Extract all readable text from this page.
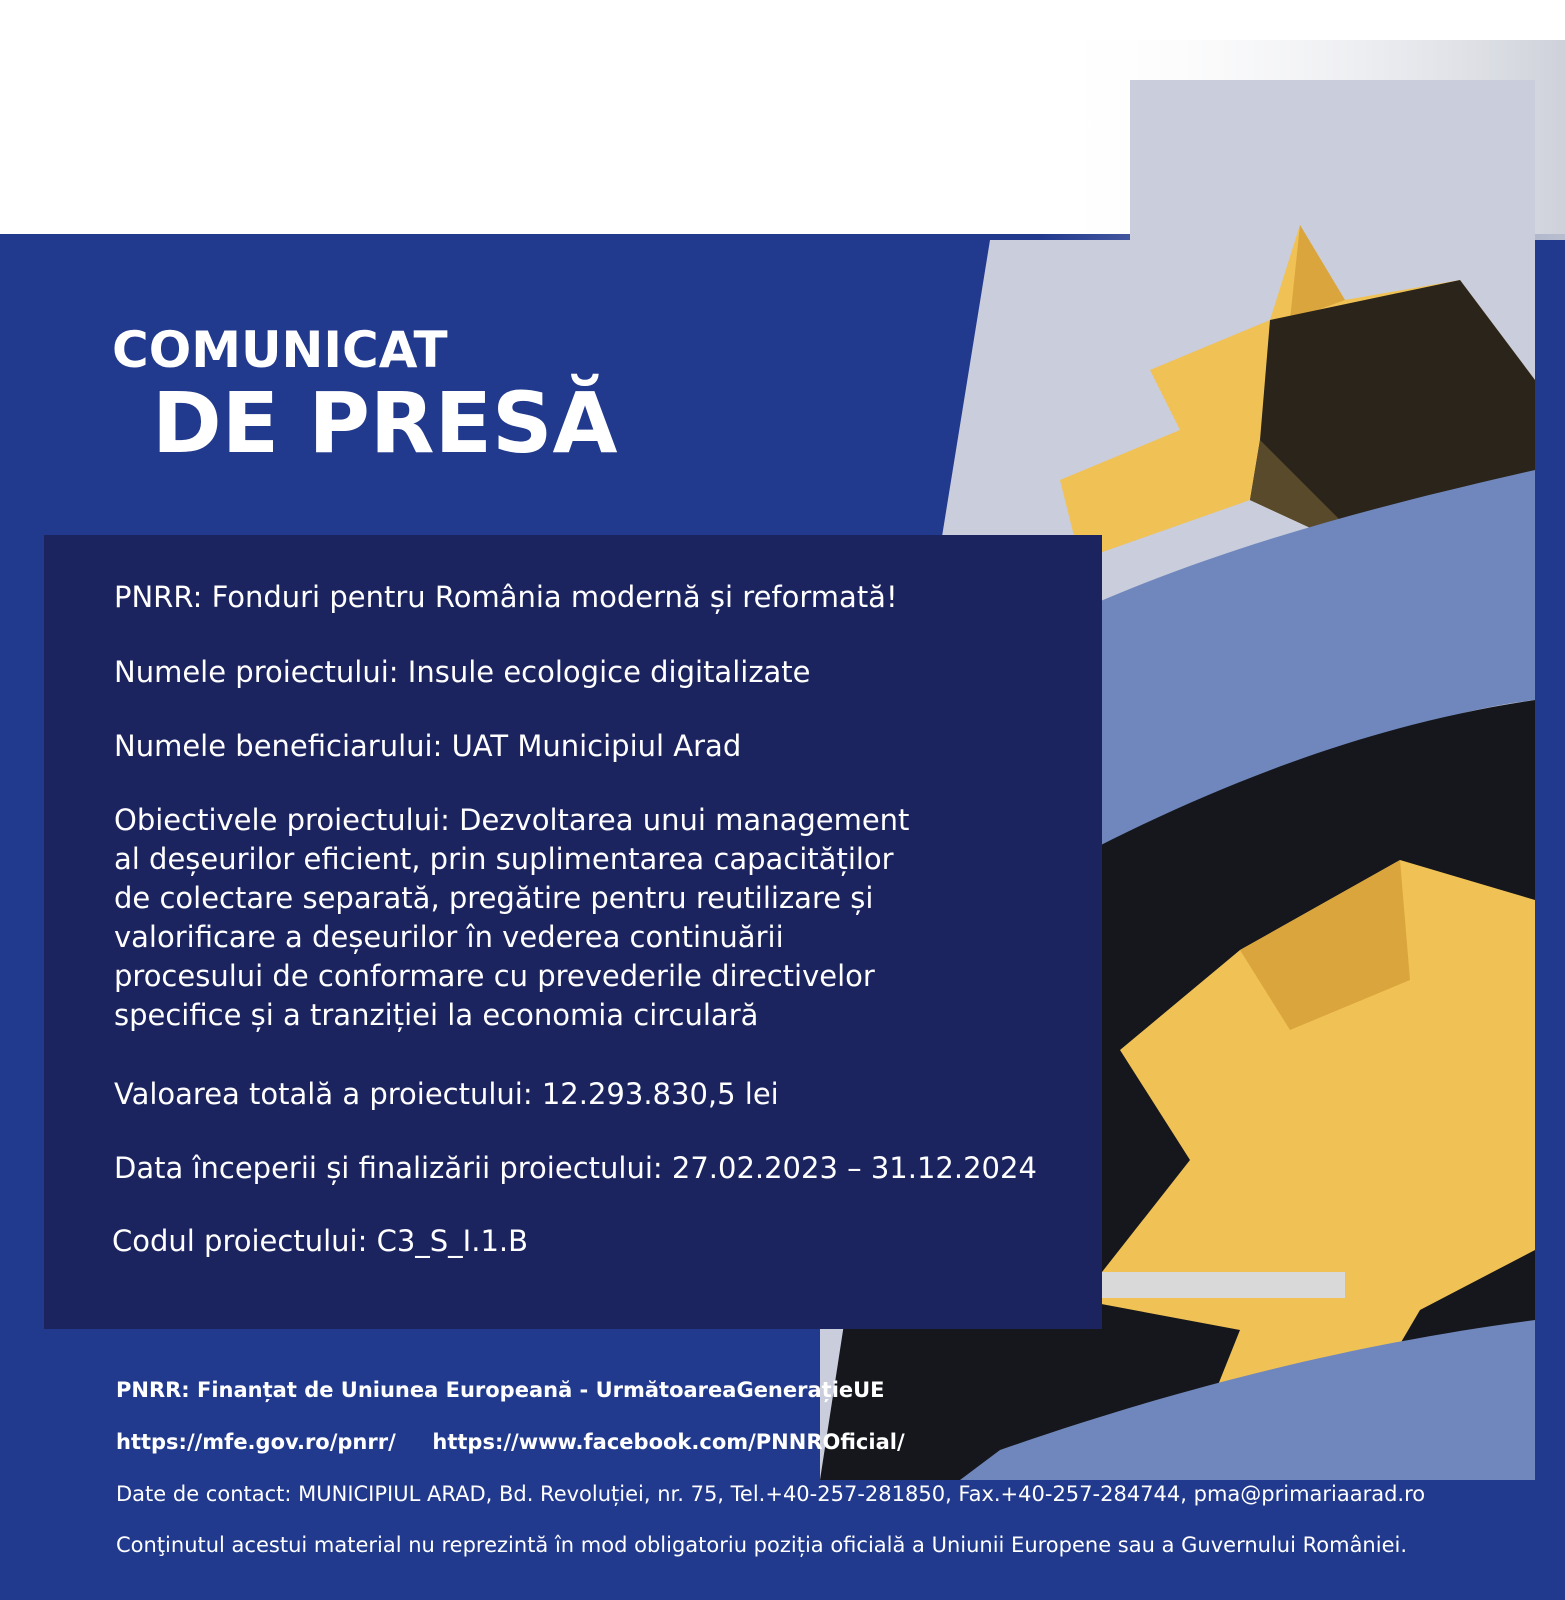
COMUNICAT
DE PRESĂ
PNRR: Fonduri pentru România modernă și reformată!
Numele proiectului: Insule ecologice digitalizate
Numele beneficiarului: UAT Municipiul Arad
Obiectivele proiectului: Dezvoltarea unui management
al deșeurilor eficient, prin suplimentarea capacităților
de colectare separată, pregătire pentru reutilizare și
valorificare a deșeurilor în vederea continuării
procesului de conformare cu prevederile directivelor
specifice și a tranziției la economia circulară
Valoarea totală a proiectului: 12.293.830,5 lei
Data începerii și finalizării proiectului: 27.02.2023 – 31.12.2024
Codul proiectului: C3_S_I.1.B
PNRR: Finanțat de Uniunea Europeană - UrmătoareaGenerațieUE
https://mfe.gov.ro/pnrr/ https://www.facebook.com/PNNROficial/
Date de contact: MUNICIPIUL ARAD, Bd. Revoluției, nr. 75, Tel.+40-257-281850, Fax.+40-257-284744, pma@primariaarad.ro
Conţinutul acestui material nu reprezintă în mod obligatoriu poziția oficială a Uniunii Europene sau a Guvernului României.
